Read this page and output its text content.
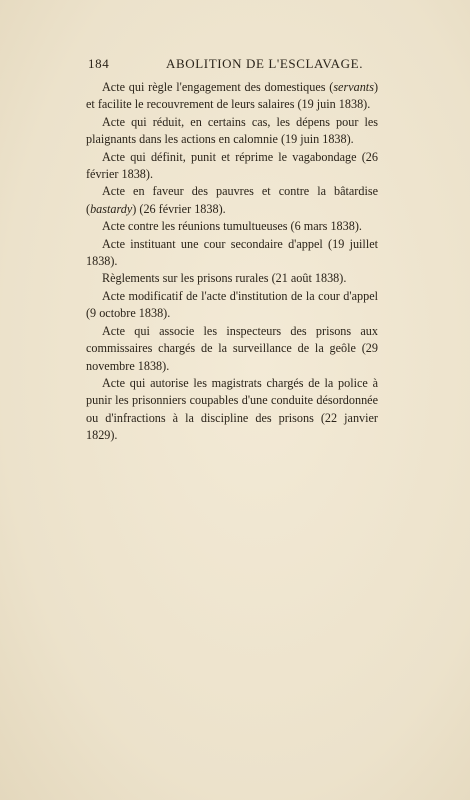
184	ABOLITION DE L'ESCLAVAGE.

Acte qui règle l'engagement des domestiques (servants) et facilite le recouvrement de leurs salaires (19 juin 1838).

Acte qui réduit, en certains cas, les dépens pour les plaignants dans les actions en calomnie (19 juin 1838).

Acte qui définit, punit et réprime le vagabondage (26 février 1838).

Acte en faveur des pauvres et contre la bâtardise (bastardy) (26 février 1838).

Acte contre les réunions tumultueuses (6 mars 1838).

Acte instituant une cour secondaire d'appel (19 juillet 1838).

Règlements sur les prisons rurales (21 août 1838).

Acte modificatif de l'acte d'institution de la cour d'appel (9 octobre 1838).

Acte qui associe les inspecteurs des prisons aux commissaires chargés de la surveillance de la geôle (29 novembre 1838).

Acte qui autorise les magistrats chargés de la police à punir les prisonniers coupables d'une conduite désordonnée ou d'infractions à la discipline des prisons (22 janvier 1829).
